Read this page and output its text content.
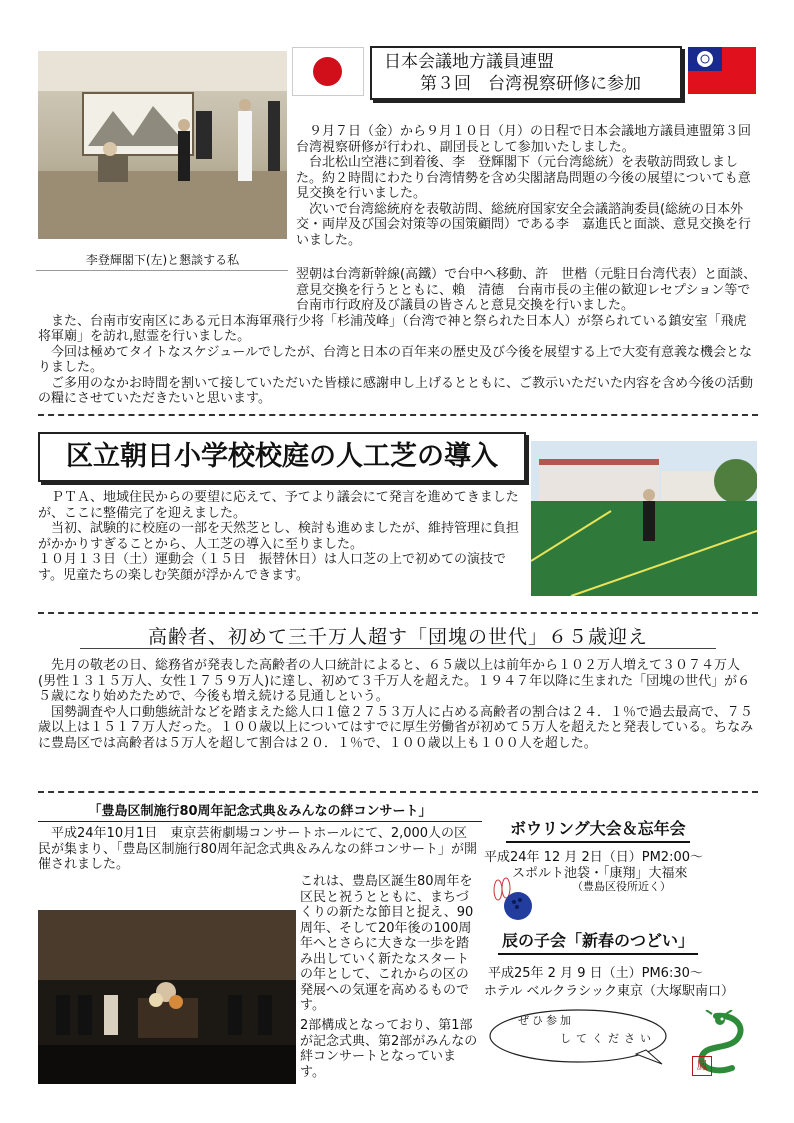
日本会議地方議員連盟
第３回　台湾視察研修に参加
李登輝閣下(左)と懇談する私

９月７日（金）から９月１０日（月）の日程で日本会議地方議員連盟第３回台湾視察研修が行われ、副団長として参加いたしました。

台北松山空港に到着後、李　登輝閣下（元台湾総統）を表敬訪問致しました。約２時間にわたり台湾情勢を含め尖閣諸島問題の今後の展望についても意見交換を行いました。

次いで台湾総統府を表敬訪問、総統府国家安全会議諮詢委員(総統の日本外交・両岸及び国会対策等の国策顧問）である李　嘉進氏と面談、意見交換を行いました。

翌朝は台湾新幹線(高鐵）で台中へ移動、許　世楷（元駐日台湾代表）と面談、意見交換を行うとともに、賴　清德　台南市長の主催の歓迎レセプション等で台南市行政府及び議員の皆さんと意見交換を行いました。

また、台南市安南区にある元日本海軍飛行少将「杉浦茂峰」（台湾で神と祭られた日本人）が祭られている鎮安室「飛虎将軍廟」を訪れ,慰霊を行いました。

今回は極めてタイトなスケジュールでしたが、台湾と日本の百年来の歴史及び今後を展望する上で大変有意義な機会となりました。

ご多用のなかお時間を割いて接していただいた皆様に感謝申し上げるとともに、ご教示いただいた内容を含め今後の活動の糧にさせていただきたいと思います。

区立朝日小学校校庭の人工芝の導入

ＰＴＡ、地域住民からの要望に応えて、予てより議会にて発言を進めてきましたが、ここに整備完了を迎えました。

当初、試験的に校庭の一部を天然芝とし、検討も進めましたが、維持管理に負担がかかりすぎることから、人工芝の導入に至りました。

１０月１３日（土）運動会（１５日　振替休日）は人口芝の上で初めての演技です。児童たちの楽しむ笑顔が浮かんできます。

高齢者、初めて三千万人超す「団塊の世代」６５歳迎え

先月の敬老の日、総務省が発表した高齢者の人口統計によると、６５歳以上は前年から１０２万人増えて３０７４万人(男性１３１５万人、女性１７５９万人)に達し、初めて３千万人を超えた。１９４７年以降に生まれた「団塊の世代」が６５歳になり始めたためで、今後も増え続ける見通しという。

国勢調査や人口動態統計などを踏まえた総人口１億２７５３万人に占める高齢者の割合は２４．１％で過去最高で、７５歳以上は１５１７万人だった。１００歳以上についてはすでに厚生労働省が初めて５万人を超えたと発表している。ちなみに豊島区では高齢者は５万人を超して割合は２０．１％で、１００歳以上も１００人を超した。

「豊島区制施行80周年記念式典＆みんなの絆コンサート」

平成24年10月1日　東京芸術劇場コンサートホールにて、2,000人の区民が集まり、「豊島区制施行80周年記念式典＆みんなの絆コンサート」が開催されました。

これは、豊島区誕生80周年を区民と祝うとともに、まちづくりの新たな節目と捉え、90周年、そして20年後の100周年へとさらに大きな一歩を踏み出していく新たなスタートの年として、これからの区の発展への気運を高めるものです。

2部構成となっており、第1部が記念式典、第2部がみんなの絆コンサートとなっています。

ボウリング大会＆忘年会
平成24年 12 月 2日（日）PM2:00～
スポルト池袋・「康翔」大福來
（豊島区役所近く）
辰の子会「新春のつどい」
平成25年 2 月 9 日（土）PM6:30～
ホテル ベルクラシック東京（大塚駅南口）
ぜひ参加
してください
鳳
